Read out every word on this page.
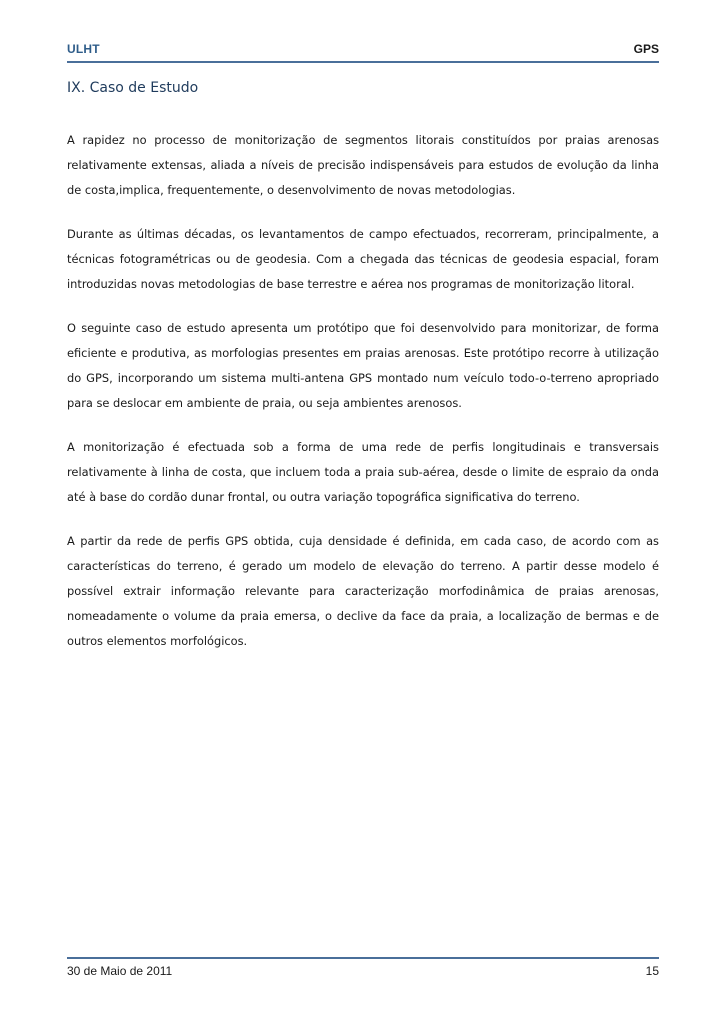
ULHT	GPS
IX. Caso de Estudo

A rapidez no processo de monitorização de segmentos litorais constituídos por praias arenosas relativamente extensas, aliada a níveis de precisão indispensáveis para estudos de evolução da linha de costa,implica, frequentemente, o desenvolvimento de novas metodologias.

Durante as últimas décadas, os levantamentos de campo efectuados, recorreram, principalmente, a técnicas fotogramétricas ou de geodesia. Com a chegada das técnicas de geodesia espacial, foram introduzidas novas metodologias de base terrestre e aérea nos programas de monitorização litoral.

O seguinte caso de estudo apresenta um protótipo que foi desenvolvido para monitorizar, de forma eficiente e produtiva, as morfologias presentes em praias arenosas. Este protótipo recorre à utilização do GPS, incorporando um sistema multi-antena GPS montado num veículo todo-o-terreno apropriado para se deslocar em ambiente de praia, ou seja ambientes arenosos.

A monitorização é efectuada sob a forma de uma rede de perfis longitudinais e transversais relativamente à linha de costa, que incluem toda a praia sub-aérea, desde o limite de espraio da onda até à base do cordão dunar frontal, ou outra variação topográfica significativa do terreno.

A partir da rede de perfis GPS obtida, cuja densidade é definida, em cada caso, de acordo com as características do terreno, é gerado um modelo de elevação do terreno. A partir desse modelo é possível extrair informação relevante para caracterização morfodinâmica de praias arenosas, nomeadamente o volume da praia emersa, o declive da face da praia, a localização de bermas e de outros elementos morfológicos.

30 de Maio de 2011	15
